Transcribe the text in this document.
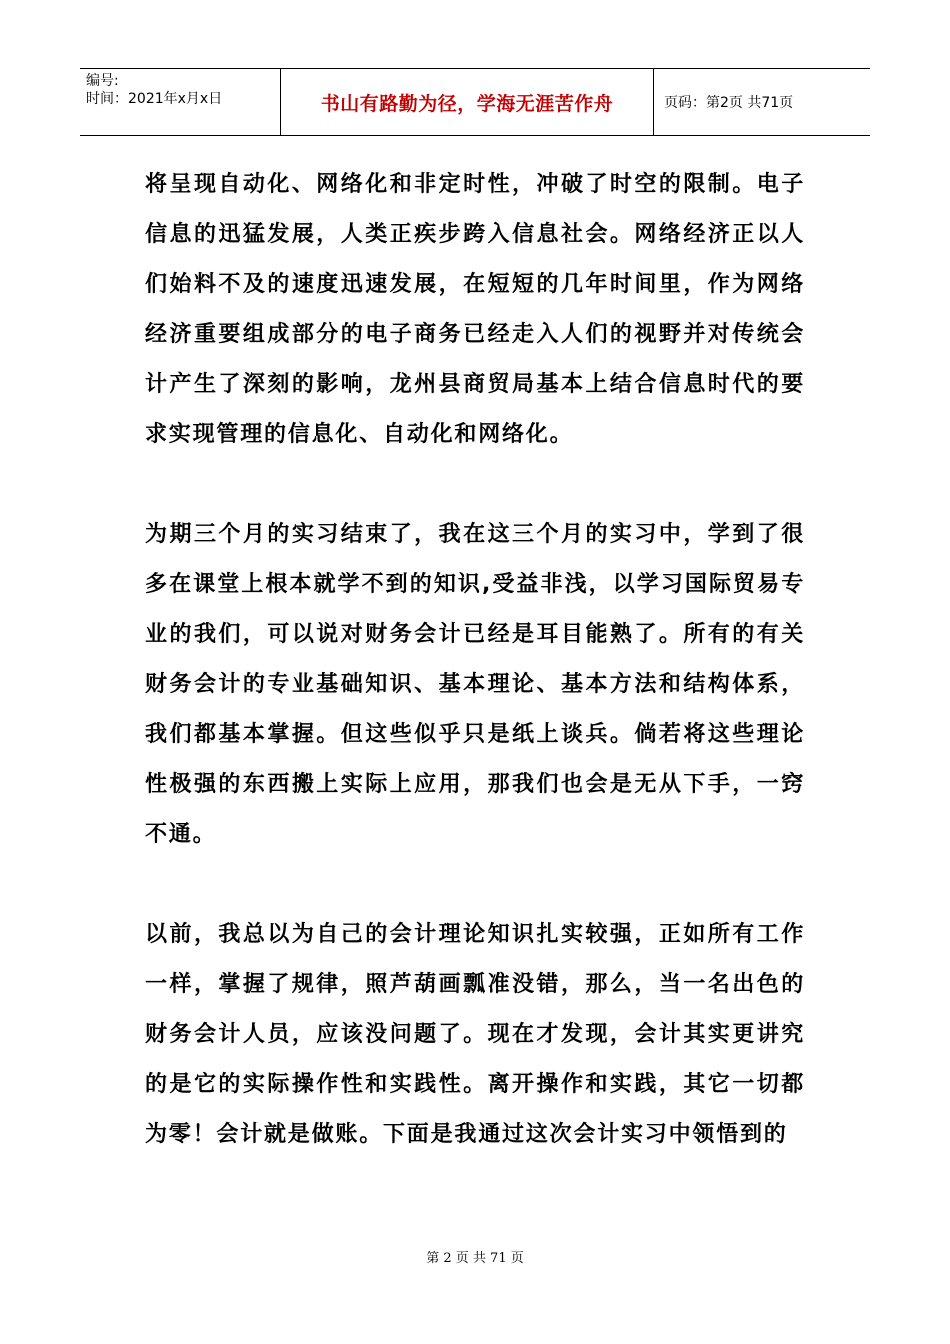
编号:
时间：2021年x月x日	书山有路勤为径，学海无涯苦作舟	页码：第2页 共71页

将呈现自动化、网络化和非定时性，冲破了时空的限制。电子信息的迅猛发展，人类正疾步跨入信息社会。网络经济正以人们始料不及的速度迅速发展，在短短的几年时间里，作为网络经济重要组成部分的电子商务已经走入人们的视野并对传统会计产生了深刻的影响，龙州县商贸局基本上结合信息时代的要求实现管理的信息化、自动化和网络化。

为期三个月的实习结束了，我在这三个月的实习中，学到了很多在课堂上根本就学不到的知识,受益非浅，以学习国际贸易专业的我们，可以说对财务会计已经是耳目能熟了。所有的有关财务会计的专业基础知识、基本理论、基本方法和结构体系，我们都基本掌握。但这些似乎只是纸上谈兵。倘若将这些理论性极强的东西搬上实际上应用，那我们也会是无从下手，一窍不通。

以前，我总以为自己的会计理论知识扎实较强，正如所有工作一样，掌握了规律，照芦葫画瓢准没错，那么，当一名出色的财务会计人员，应该没问题了。现在才发现，会计其实更讲究的是它的实际操作性和实践性。离开操作和实践，其它一切都为零！会计就是做账。下面是我通过这次会计实习中领悟到的

第 2 页 共 71 页
